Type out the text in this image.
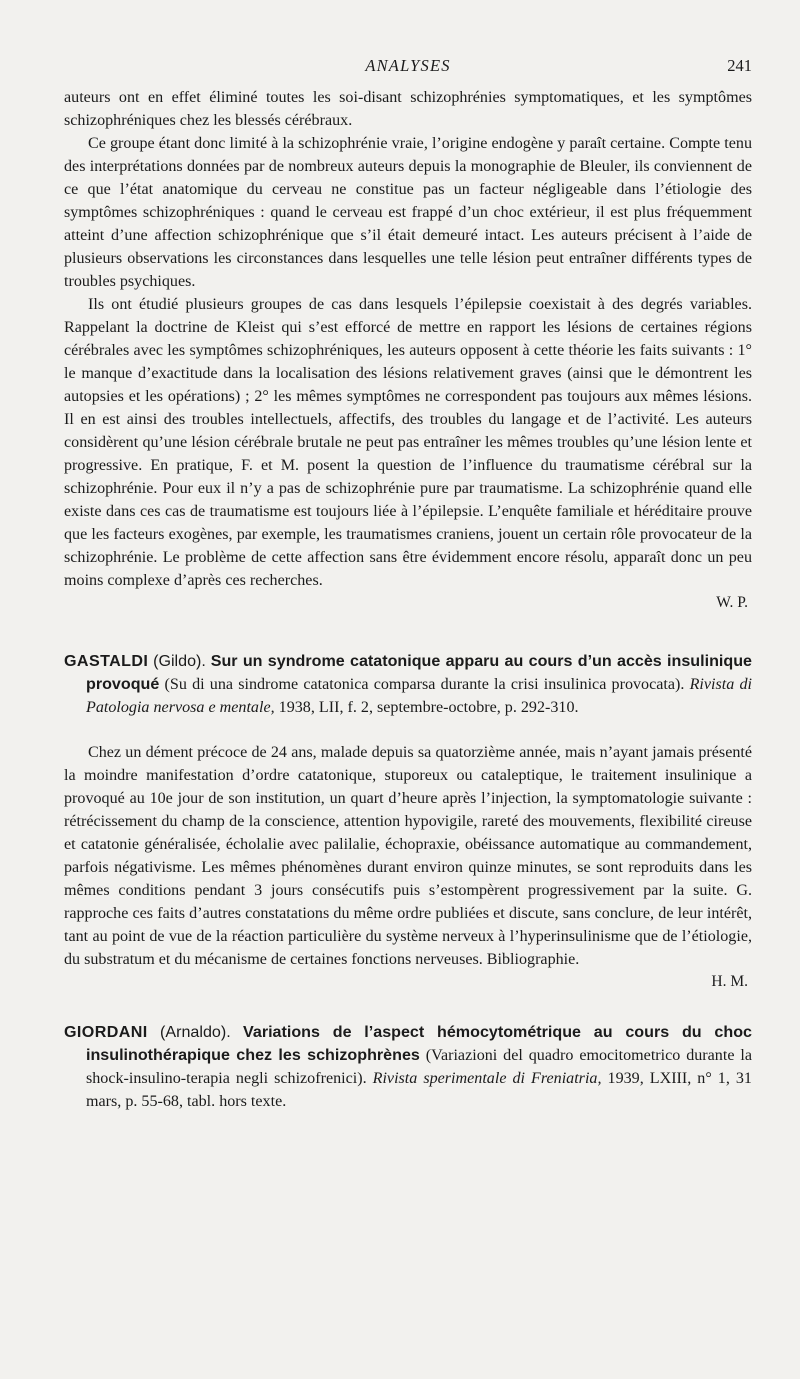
ANALYSES	241

auteurs ont en effet éliminé toutes les soi-disant schizophrénies symptomatiques, et les symptômes schizophréniques chez les blessés cérébraux.

Ce groupe étant donc limité à la schizophrénie vraie, l’origine endogène y paraît certaine. Compte tenu des interprétations données par de nombreux auteurs depuis la monographie de Bleuler, ils conviennent de ce que l’état anatomique du cerveau ne constitue pas un facteur négligeable dans l’étiologie des symptômes schizophréniques : quand le cerveau est frappé d’un choc extérieur, il est plus fréquemment atteint d’une affection schizophrénique que s’il était demeuré intact. Les auteurs précisent à l’aide de plusieurs observations les circonstances dans lesquelles une telle lésion peut entraîner différents types de troubles psychiques.

Ils ont étudié plusieurs groupes de cas dans lesquels l’épilepsie coexistait à des degrés variables. Rappelant la doctrine de Kleist qui s’est efforcé de mettre en rapport les lésions de certaines régions cérébrales avec les symptômes schizophréniques, les auteurs opposent à cette théorie les faits suivants : 1° le manque d’exactitude dans la localisation des lésions relativement graves (ainsi que le démontrent les autopsies et les opérations) ; 2° les mêmes symptômes ne correspondent pas toujours aux mêmes lésions. Il en est ainsi des troubles intellectuels, affectifs, des troubles du langage et de l’activité. Les auteurs considèrent qu’une lésion cérébrale brutale ne peut pas entraîner les mêmes troubles qu’une lésion lente et progressive. En pratique, F. et M. posent la question de l’influence du traumatisme cérébral sur la schizophrénie. Pour eux il n’y a pas de schizophrénie pure par traumatisme. La schizophrénie quand elle existe dans ces cas de traumatisme est toujours liée à l’épilepsie. L’enquête familiale et héréditaire prouve que les facteurs exogènes, par exemple, les traumatismes craniens, jouent un certain rôle provocateur de la schizophrénie. Le problème de cette affection sans être évidemment encore résolu, apparaît donc un peu moins complexe d’après ces recherches.

W. P.
GASTALDI (Gildo). Sur un syndrome catatonique apparu au cours d’un accès insulinique provoqué (Su di una sindrome catatonica comparsa durante la crisi insulinica provocata). Rivista di Patologia nervosa e mentale, 1938, LII, f. 2, septembre-octobre, p. 292-310.

Chez un dément précoce de 24 ans, malade depuis sa quatorzième année, mais n’ayant jamais présenté la moindre manifestation d’ordre catatonique, stuporeux ou cataleptique, le traitement insulinique a provoqué au 10e jour de son institution, un quart d’heure après l’injection, la symptomatologie suivante : rétrécissement du champ de la conscience, attention hypovigile, rareté des mouvements, flexibilité cireuse et catatonie généralisée, écholalie avec palilalie, échopraxie, obéissance automatique au commandement, parfois négativisme. Les mêmes phénomènes durant environ quinze minutes, se sont reproduits dans les mêmes conditions pendant 3 jours consécutifs puis s’estompèrent progressivement par la suite. G. rapproche ces faits d’autres constatations du même ordre publiées et discute, sans conclure, de leur intérêt, tant au point de vue de la réaction particulière du système nerveux à l’hyperinsulinisme que de l’étiologie, du substratum et du mécanisme de certaines fonctions nerveuses. Bibliographie.

H. M.
GIORDANI (Arnaldo). Variations de l’aspect hémocytométrique au cours du choc insulinothérapique chez les schizophrènes (Variazioni del quadro emocitometrico durante la shock-insulino-terapia negli schizofrenici). Rivista sperimentale di Freniatria, 1939, LXIII, n° 1, 31 mars, p. 55-68, tabl. hors texte.
